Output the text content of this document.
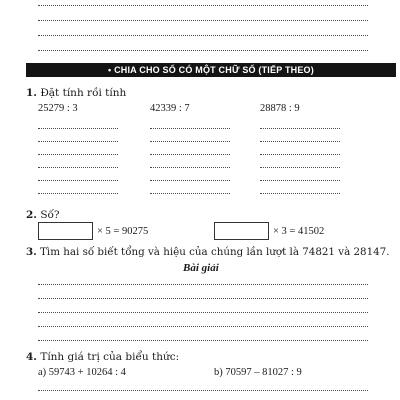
• CHIA CHO SỐ CÓ MỘT CHỮ SỐ (TIẾP THEO)
1. Đặt tính rồi tính
25279 : 3	42339 : 7	28878 : 9
2. Số?
× 5 = 90275	× 3 = 41502
3. Tìm hai số biết tổng và hiệu của chúng lần lượt là 74821 và 28147.
Bài giải
4. Tính giá trị của biểu thức:
a) 59743 + 10264 : 4	b) 70597 – 81027 : 9
